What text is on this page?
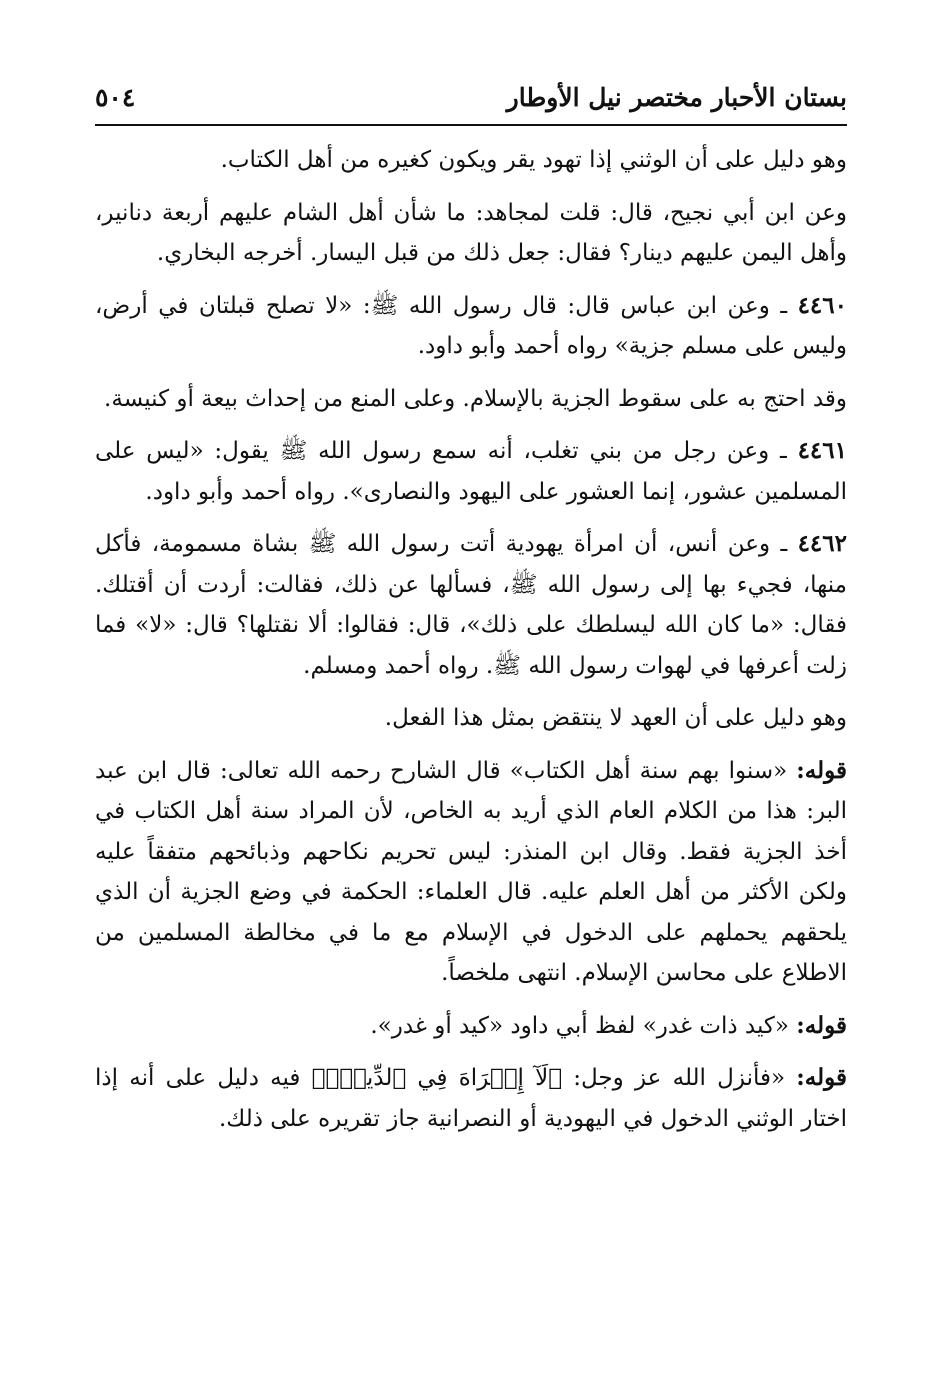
بستان الأحبار مختصر نيل الأوطار
٥٠٤

وهو دليل على أن الوثني إذا تهود يقر ويكون كغيره من أهل الكتاب.

وعن ابن أبي نجيح، قال: قلت لمجاهد: ما شأن أهل الشام عليهم أربعة دنانير، وأهل اليمن عليهم دينار؟ فقال: جعل ذلك من قبل اليسار. أخرجه البخاري.

٤٤٦٠ ـ وعن ابن عباس قال: قال رسول الله ﷺ: «لا تصلح قبلتان في أرض، وليس على مسلم جزية» رواه أحمد وأبو داود.

وقد احتج به على سقوط الجزية بالإسلام. وعلى المنع من إحداث بيعة أو كنيسة.

٤٤٦١ ـ وعن رجل من بني تغلب، أنه سمع رسول الله ﷺ يقول: «ليس على المسلمين عشور، إنما العشور على اليهود والنصارى». رواه أحمد وأبو داود.

٤٤٦٢ ـ وعن أنس، أن امرأة يهودية أتت رسول الله ﷺ بشاة مسمومة، فأكل منها، فجيء بها إلى رسول الله ﷺ، فسألها عن ذلك، فقالت: أردت أن أقتلك. فقال: «ما كان الله ليسلطك على ذلك»، قال: فقالوا: ألا نقتلها؟ قال: «لا» فما زلت أعرفها في لهوات رسول الله ﷺ. رواه أحمد ومسلم.

وهو دليل على أن العهد لا ينتقض بمثل هذا الفعل.

قوله: «سنوا بهم سنة أهل الكتاب» قال الشارح رحمه الله تعالى: قال ابن عبد البر: هذا من الكلام العام الذي أريد به الخاص، لأن المراد سنة أهل الكتاب في أخذ الجزية فقط. وقال ابن المنذر: ليس تحريم نكاحهم وذبائحهم متفقاً عليه ولكن الأكثر من أهل العلم عليه. قال العلماء: الحكمة في وضع الجزية أن الذي يلحقهم يحملهم على الدخول في الإسلام مع ما في مخالطة المسلمين من الاطلاع على محاسن الإسلام. انتهى ملخصاً.

قوله: «كيد ذات غدر» لفظ أبي داود «كيد أو غدر».

قوله: «فأنزل الله عز وجل: ﴿لَآ إِكۡرَاهَ فِي ٱلدِّينِۖ﴾ فيه دليل على أنه إذا اختار الوثني الدخول في اليهودية أو النصرانية جاز تقريره على ذلك.
